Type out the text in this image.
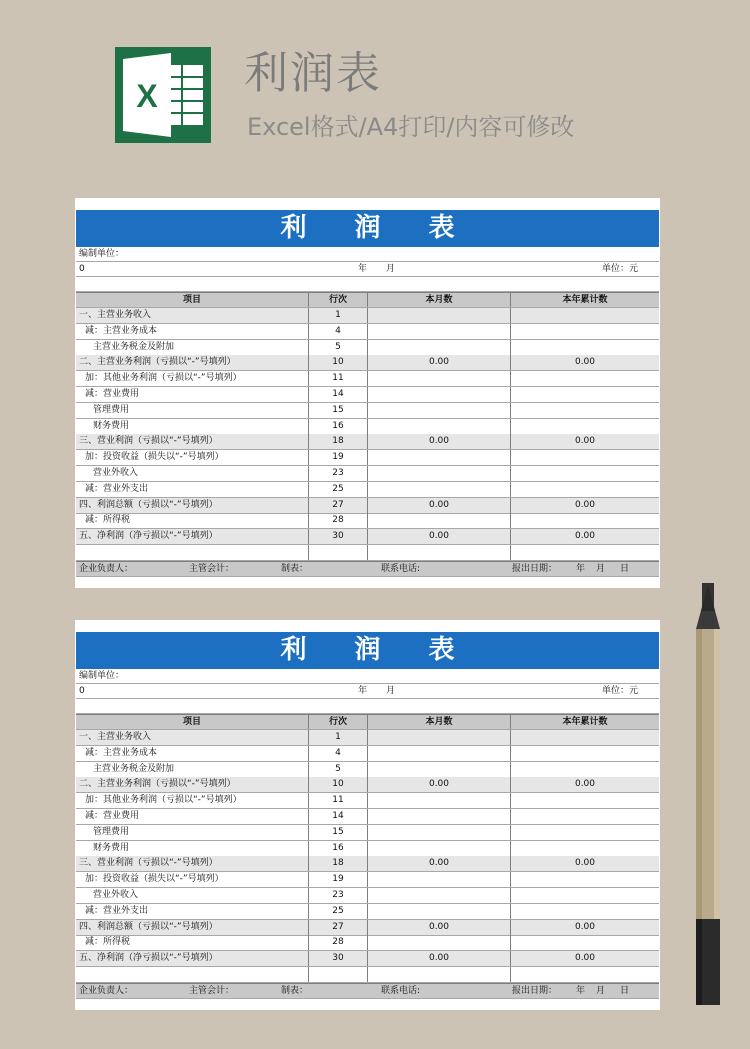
X 利润表
Excel格式/A4打印/内容可修改
利润表
编制单位：
0	年 月	单位：元
项目	行次	本月数	本年累计数
一、主营业务收入	1
减：主营业务成本	4
主营业务税金及附加	5
二、主营业务利润（亏损以“-”号填列）	10	0.00	0.00
加：其他业务利润（亏损以“-”号填列）	11
减：营业费用	14
管理费用	15
财务费用	16
三、营业利润（亏损以“-”号填列）	18	0.00	0.00
加：投资收益（损失以“-”号填列）	19
营业外收入	23
减：营业外支出	25
四、利润总额（亏损以“-”号填列）	27	0.00	0.00
减：所得税	28
五、净利润（净亏损以“-”号填列）	30	0.00	0.00
企业负责人：	主管会计：	制表：	联系电话:	报出日期： 年 月 日
利润表
编制单位：
0	年 月	单位：元
项目	行次	本月数	本年累计数
一、主营业务收入	1
减：主营业务成本	4
主营业务税金及附加	5
二、主营业务利润（亏损以“-”号填列）	10	0.00	0.00
加：其他业务利润（亏损以“-”号填列）	11
减：营业费用	14
管理费用	15
财务费用	16
三、营业利润（亏损以“-”号填列）	18	0.00	0.00
加：投资收益（损失以“-”号填列）	19
营业外收入	23
减：营业外支出	25
四、利润总额（亏损以“-”号填列）	27	0.00	0.00
减：所得税	28
五、净利润（净亏损以“-”号填列）	30	0.00	0.00
企业负责人：	主管会计：	制表：	联系电话:	报出日期： 年 月 日
